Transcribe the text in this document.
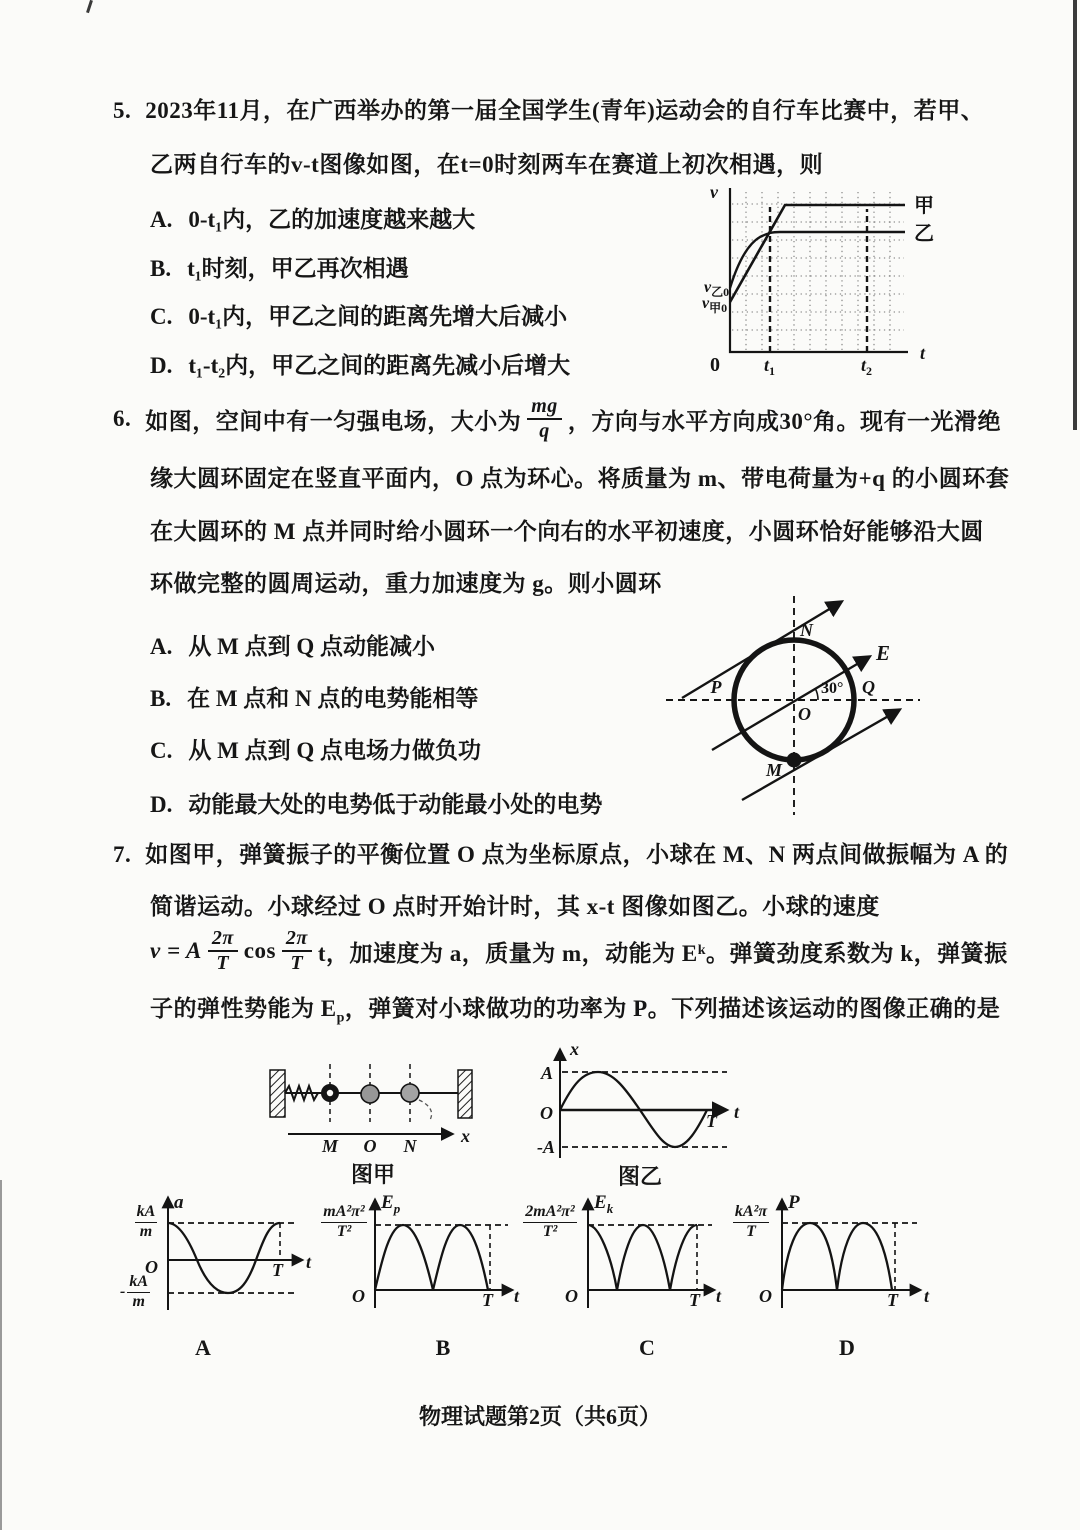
5. 2023年11月，在广西举办的第一届全国学生(青年)运动会的自行车比赛中，若甲、
乙两自行车的v-t图像如图，在t=0时刻两车在赛道上初次相遇，则
A. 0-t₁内，乙的加速度越来越大
B. t₁时刻，甲乙再次相遇
C. 0-t₁内，甲乙之间的距离先增大后减小
D. t₁-t₂内，甲乙之间的距离先减小后增大
v
0
t
$t_1$	$t_2$
$v_{乙0}$
$v_{甲0}$
甲
乙
6. 如图，空间中有一匀强电场，大小为 $\frac{mg}{q}$ ，方向与水平方向成30°角。现有一光滑绝
缘大圆环固定在竖直平面内，O 点为环心。将质量为 m、带电荷量为+q 的小圆环套
在大圆环的 M 点并同时给小圆环一个向右的水平初速度，小圆环恰好能够沿大圆
环做完整的圆周运动，重力加速度为 g。则小圆环
A. 从 M 点到 Q 点动能减小
B. 在 M 点和 N 点的电势能相等
C. 从 M 点到 Q 点电场力做负功
D. 动能最大处的电势低于动能最小处的电势
N
E
P	Q
O
30°
M
7. 如图甲，弹簧振子的平衡位置 O 点为坐标原点，小球在 M、N 两点间做振幅为 A 的
简谐运动。小球经过 O 点时开始计时，其 x-t 图像如图乙。小球的速度
v = A $\frac{2\pi}{T}$ $\cos \frac{2\pi}{T}$ t，加速度为 a，质量为 m，动能为 E k 。弹簧劲度系数为 k，弹簧振
子的弹性势能为 $E_p$，弹簧对小球做功的功率为 P。下列描述该运动的图像正确的是
x
M O N
图甲
x
A
O
-A
T t
图乙
O	T t
a
$\frac{kA}{m}$
- $\frac{kA}{m}$	O	T t
$E_p$
$\frac{\text{mA²π²}}{\text{T²}}$
O	T t
$E_k$
$\frac{\text{2mA²π²}}{\text{T²}}$
O	T t
P
$\frac{\text{kA²π}}{T}$
A	B	C	D
物理试题第2页（共6页）
